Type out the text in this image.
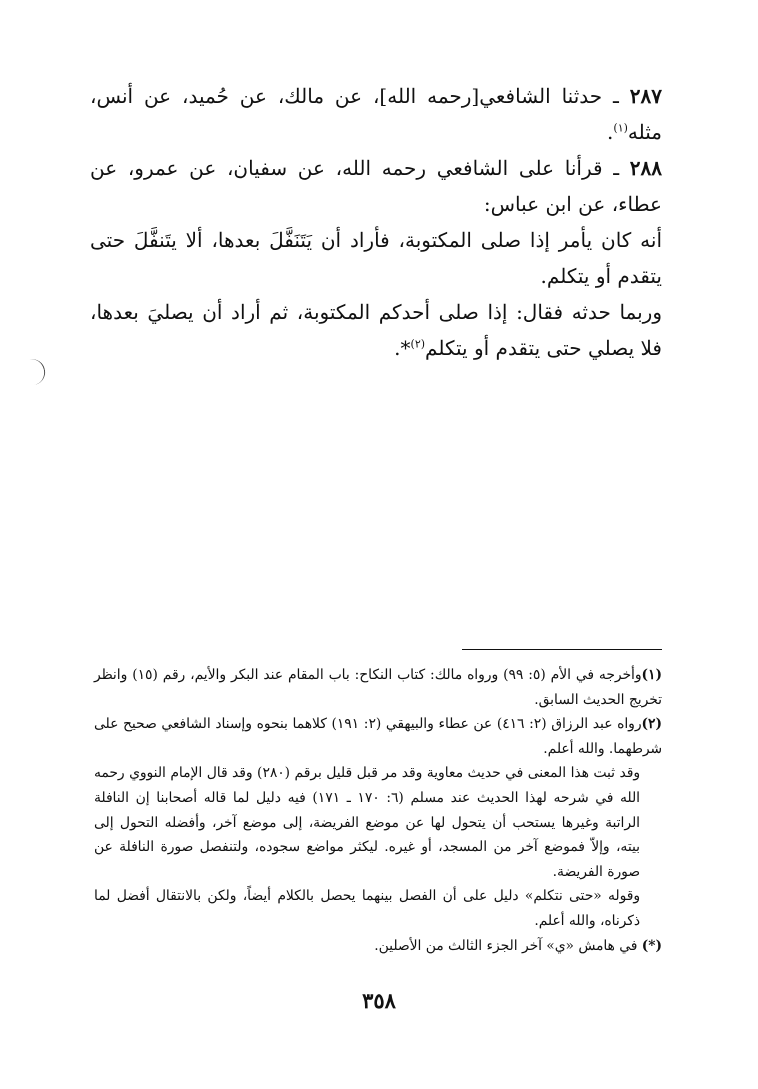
٢٨٧ ـ حدثنا الشافعي[رحمه الله]، عن مالك، عن حُميد، عن أنس، مثله$^{(١)}$.

٢٨٨ ـ قرأنا على الشافعي رحمه الله، عن سفيان، عن عمرو، عن عطاء، عن ابن عباس:

أنه كان يأمر إذا صلى المكتوبة، فأراد أن يَتَنَفَّلَ بعدها، ألا يتَنفَّلَ حتى يتقدم أو يتكلم.

وربما حدثه فقال: إذا صلى أحدكم المكتوبة، ثم أراد أن يصليَ بعدها، فلا يصلي حتى يتقدم أو يتكلم$^{(٢)}$*.

(١)وأخرجه في الأم (٥: ٩٩) ورواه مالك: كتاب النكاح: باب المقام عند البكر والأيم، رقم (١٥) وانظر تخريج الحديث السابق.

(٢)رواه عبد الرزاق (٢: ٤١٦) عن عطاء والبيهقي (٢: ١٩١) كلاهما بنحوه وإسناد الشافعي صحيح على شرطهما. والله أعلم.

وقد ثبت هذا المعنى في حديث معاوية وقد مر قبل قليل برقم (٢٨٠) وقد قال الإمام النووي رحمه الله في شرحه لهذا الحديث عند مسلم (٦: ١٧٠ ـ ١٧١) فيه دليل لما قاله أصحابنا إن النافلة الراتبة وغيرها يستحب أن يتحول لها عن موضع الفريضة، إلى موضع آخر، وأفضله التحول إلى بيته، وإلاّ فموضع آخر من المسجد، أو غيره. ليكثر مواضع سجوده، ولتنفصل صورة النافلة عن صورة الفريضة.

وقوله «حتى نتكلم» دليل على أن الفصل بينهما يحصل بالكلام أيضاً، ولكن بالانتقال أفضل لما ذكرناه، والله أعلم.

(*) في هامش «ي» آخر الجزء الثالث من الأصلين.

٣٥٨
